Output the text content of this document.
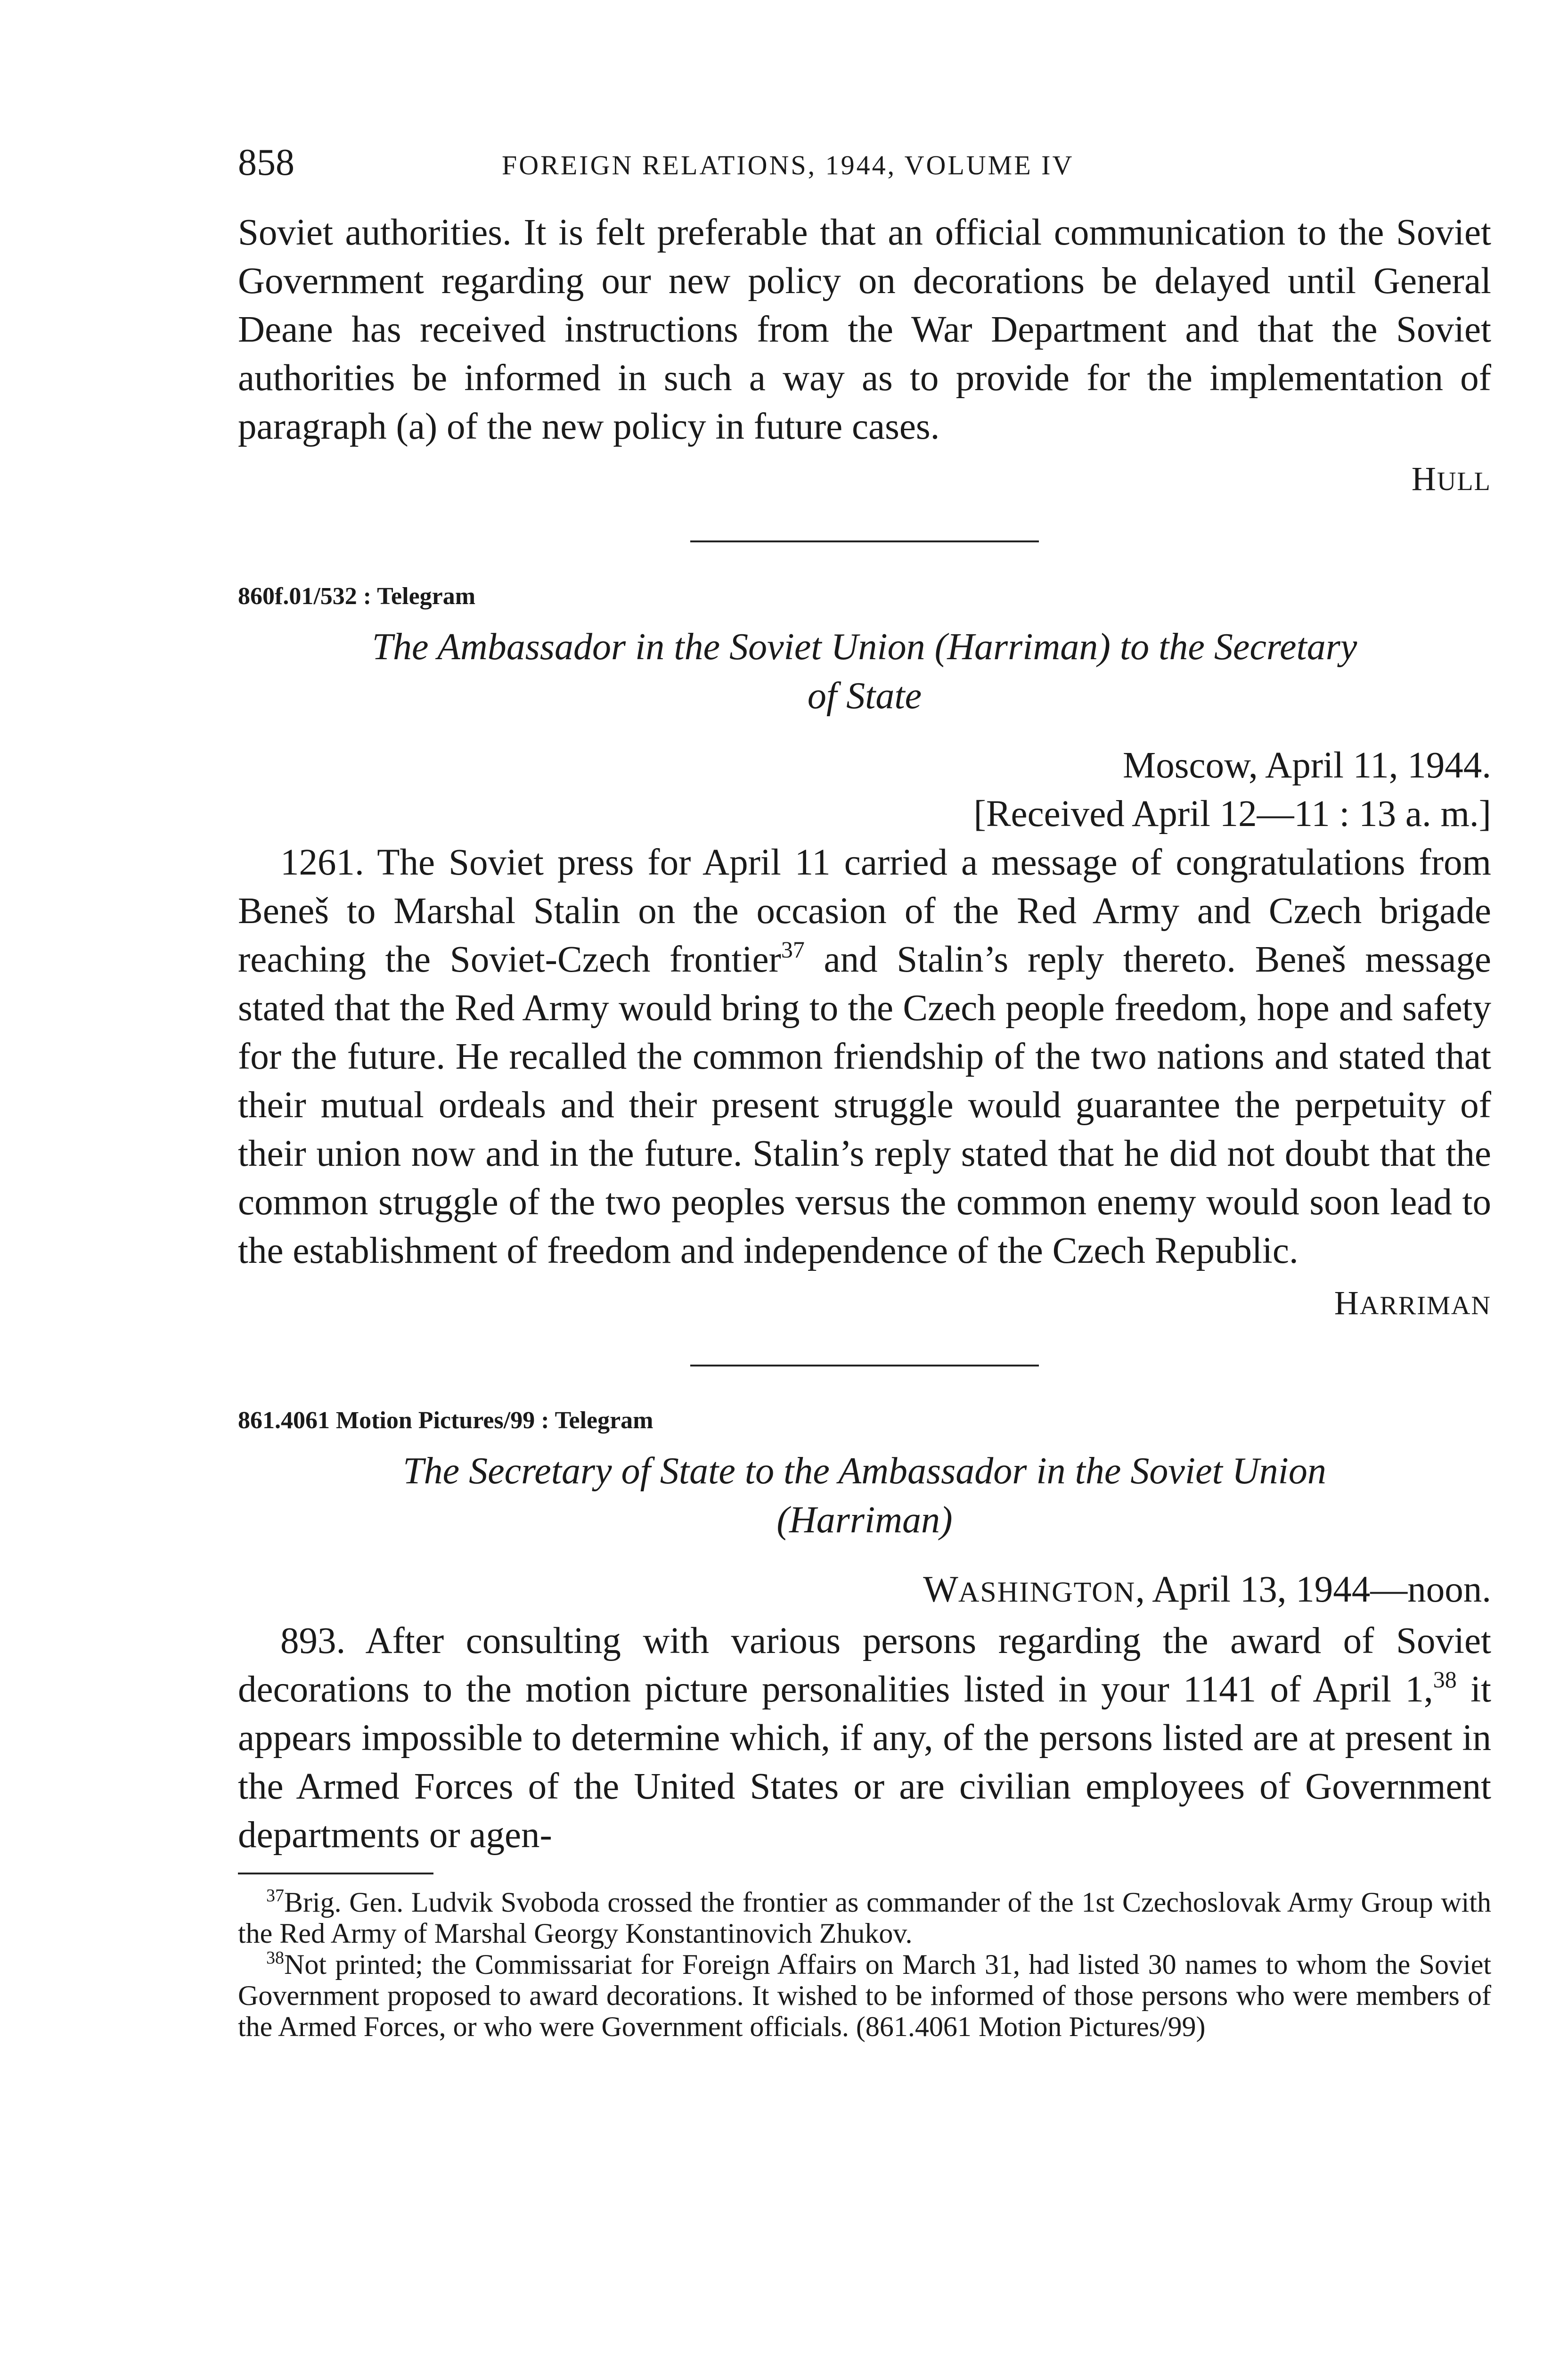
858	FOREIGN RELATIONS, 1944, VOLUME IV

Soviet authorities. It is felt preferable that an official communication to the Soviet Government regarding our new policy on decorations be delayed until General Deane has received instructions from the War Department and that the Soviet authorities be informed in such a way as to provide for the implementation of paragraph (a) of the new policy in future cases.

HULL
860f.01/532 : Telegram
The Ambassador in the Soviet Union (Harriman) to the Secretary
of State
Moscow, April 11, 1944.
[Received April 12—11 : 13 a. m.]

1261. The Soviet press for April 11 carried a message of congratulations from Beneš to Marshal Stalin on the occasion of the Red Army and Czech brigade reaching the Soviet-Czech frontier$^{37}$ and Stalin’s reply thereto. Beneš message stated that the Red Army would bring to the Czech people freedom, hope and safety for the future. He recalled the common friendship of the two nations and stated that their mutual ordeals and their present struggle would guarantee the perpetuity of their union now and in the future. Stalin’s reply stated that he did not doubt that the common struggle of the two peoples versus the common enemy would soon lead to the establishment of freedom and independence of the Czech Republic.

HARRIMAN
861.4061 Motion Pictures/99 : Telegram
The Secretary of State to the Ambassador in the Soviet Union
(Harriman)
WASHINGTON, April 13, 1944—noon.

893. After consulting with various persons regarding the award of Soviet decorations to the motion picture personalities listed in your 1141 of April 1,38 it appears impossible to determine which, if any, of the persons listed are at present in the Armed Forces of the United States or are civilian employees of Government departments or agen-

$^{37}$Brig. Gen. Ludvik Svoboda crossed the frontier as commander of the 1st Czechoslovak Army Group with the Red Army of Marshal Georgy Konstantinovich Zhukov.

$^{38}$Not printed; the Commissariat for Foreign Affairs on March 31, had listed 30 names to whom the Soviet Government proposed to award decorations. It wished to be informed of those persons who were members of the Armed Forces, or who were Government officials. (861.4061 Motion Pictures/99)
